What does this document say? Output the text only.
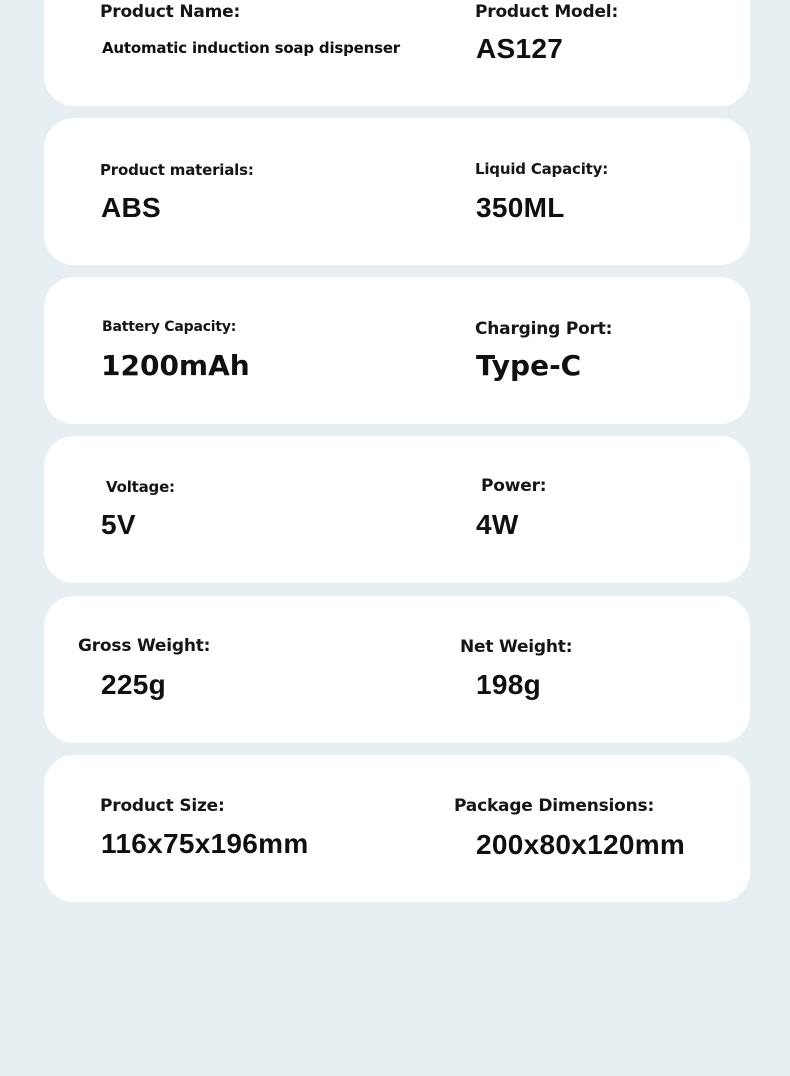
Product Name:
Automatic induction soap dispenser
Product Model:
AS127
Product materials:
ABS
Liquid Capacity:
350ML
Battery Capacity:
1200mAh
Charging Port:
Type-C
Voltage:
5V
Power:
4W
Gross Weight:
225g
Net Weight:
198g
Product Size:
116x75x196mm
Package Dimensions:
200x80x120mm
